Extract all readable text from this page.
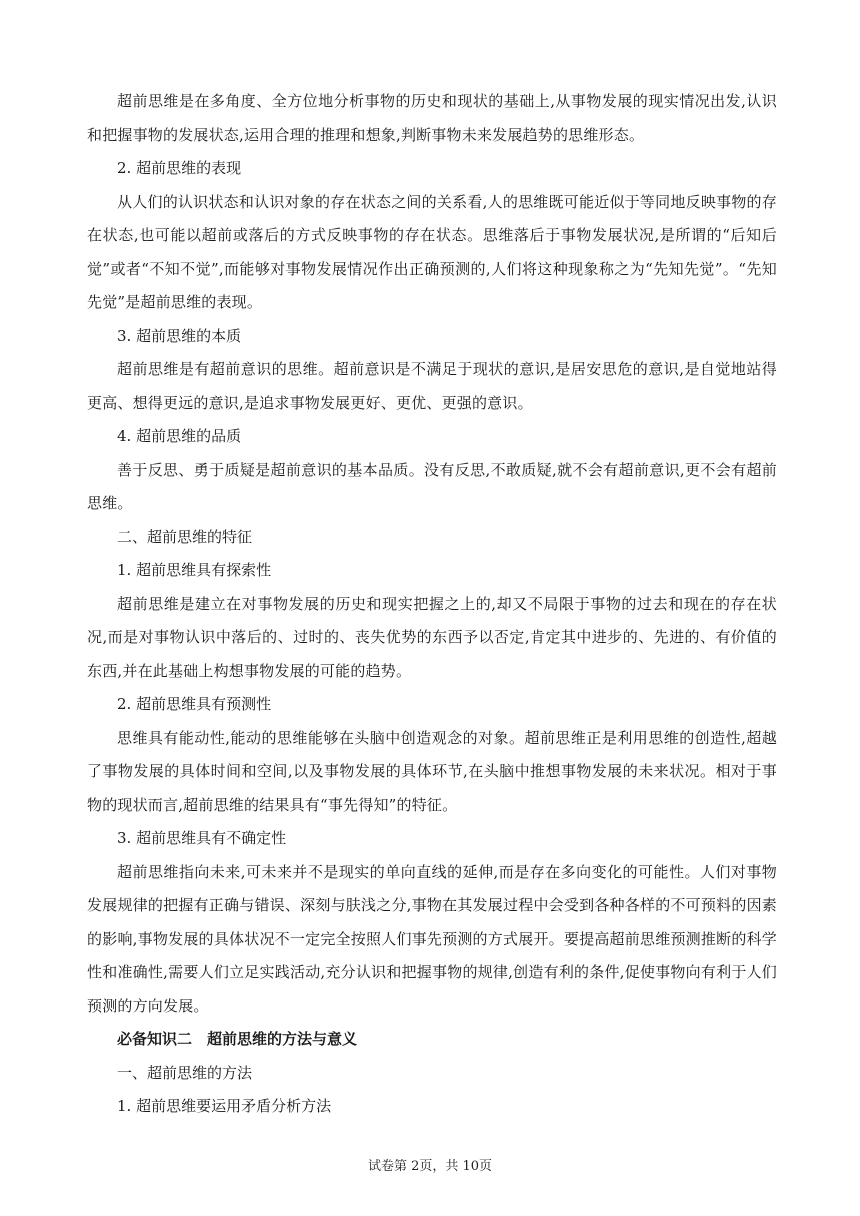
超前思维是在多角度、全方位地分析事物的历史和现状的基础上,从事物发展的现实情况出发,认识和把握事物的发展状态,运用合理的推理和想象,判断事物未来发展趋势的思维形态。

2. 超前思维的表现

从人们的认识状态和认识对象的存在状态之间的关系看,人的思维既可能近似于等同地反映事物的存在状态,也可能以超前或落后的方式反映事物的存在状态。思维落后于事物发展状况,是所谓的“后知后觉”或者“不知不觉”,而能够对事物发展情况作出正确预测的,人们将这种现象称之为“先知先觉”。“先知先觉”是超前思维的表现。

3. 超前思维的本质

超前思维是有超前意识的思维。超前意识是不满足于现状的意识,是居安思危的意识,是自觉地站得更高、想得更远的意识,是追求事物发展更好、更优、更强的意识。

4. 超前思维的品质

善于反思、勇于质疑是超前意识的基本品质。没有反思,不敢质疑,就不会有超前意识,更不会有超前思维。

二、超前思维的特征

1. 超前思维具有探索性

超前思维是建立在对事物发展的历史和现实把握之上的,却又不局限于事物的过去和现在的存在状况,而是对事物认识中落后的、过时的、丧失优势的东西予以否定,肯定其中进步的、先进的、有价值的东西,并在此基础上构想事物发展的可能的趋势。

2. 超前思维具有预测性

思维具有能动性,能动的思维能够在头脑中创造观念的对象。超前思维正是利用思维的创造性,超越了事物发展的具体时间和空间,以及事物发展的具体环节,在头脑中推想事物发展的未来状况。相对于事物的现状而言,超前思维的结果具有“事先得知”的特征。

3. 超前思维具有不确定性

超前思维指向未来,可未来并不是现实的单向直线的延伸,而是存在多向变化的可能性。人们对事物发展规律的把握有正确与错误、深刻与肤浅之分,事物在其发展过程中会受到各种各样的不可预料的因素的影响,事物发展的具体状况不一定完全按照人们事先预测的方式展开。要提高超前思维预测推断的科学性和准确性,需要人们立足实践活动,充分认识和把握事物的规律,创造有利的条件,促使事物向有利于人们预测的方向发展。

必备知识二　超前思维的方法与意义

一、超前思维的方法

1. 超前思维要运用矛盾分析方法

试卷第 2页，共 10页
